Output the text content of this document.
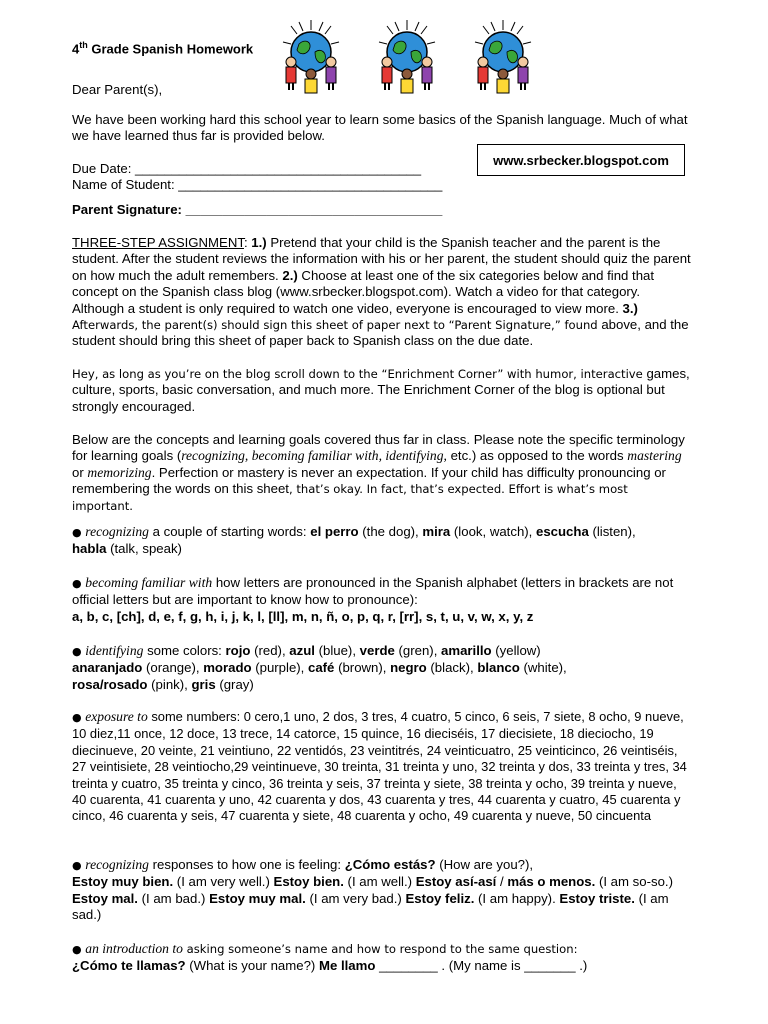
4th Grade Spanish Homework
Dear Parent(s),
We have been working hard this school year to learn some basics of the Spanish language. Much of what we have learned thus far is provided below.
www.srbecker.blogspot.com
Due Date: _______________________________________
Name of Student: ____________________________________
Parent Signature: ___________________________________
THREE-STEP ASSIGNMENT: 1.) Pretend that your child is the Spanish teacher and the parent is the student. After the student reviews the information with his or her parent, the student should quiz the parent on how much the adult remembers. 2.) Choose at least one of the six categories below and find that concept on the Spanish class blog (www.srbecker.blogspot.com). Watch a video for that category. Although a student is only required to watch one video, everyone is encouraged to view more. 3.) Afterwards, the parent(s) should sign this sheet of paper next to “Parent Signature,” found above, and the student should bring this sheet of paper back to Spanish class on the due date.
Hey, as long as you’re on the blog scroll down to the “Enrichment Corner” with humor, interactive games, culture, sports, basic conversation, and much more. The Enrichment Corner of the blog is optional but strongly encouraged.
Below are the concepts and learning goals covered thus far in class. Please note the specific terminology for learning goals (recognizing, becoming familiar with, identifying, etc.) as opposed to the words mastering or memorizing. Perfection or mastery is never an expectation. If your child has difficulty pronouncing or remembering the words on this sheet, that’s okay. In fact, that’s expected. Effort is what’s most important.
● recognizing a couple of starting words: el perro (the dog), mira (look, watch), escucha (listen),
habla (talk, speak)
● becoming familiar with how letters are pronounced in the Spanish alphabet (letters in brackets are not official letters but are important to know how to pronounce):
a, b, c, [ch], d, e, f, g, h, i, j, k, l, [ll], m, n, ñ, o, p, q, r, [rr], s, t, u, v, w, x, y, z
● identifying some colors: rojo (red), azul (blue), verde (gren), amarillo (yellow)
anaranjado (orange), morado (purple), café (brown), negro (black), blanco (white),
rosa/rosado (pink), gris (gray)
● exposure to some numbers: 0 cero,1 uno, 2 dos, 3 tres, 4 cuatro, 5 cinco, 6 seis, 7 siete, 8 ocho, 9 nueve, 10 diez,11 once, 12 doce, 13 trece, 14 catorce, 15 quince, 16 dieciséis, 17 diecisiete, 18 dieciocho, 19 diecinueve, 20 veinte, 21 veintiuno, 22 ventidós, 23 veintitrés, 24 veinticuatro, 25 veinticinco, 26 veintiséis, 27 veintisiete, 28 veintiocho,29 veintinueve, 30 treinta, 31 treinta y uno, 32 treinta y dos, 33 treinta y tres, 34 treinta y cuatro, 35 treinta y cinco, 36 treinta y seis, 37 treinta y siete, 38 treinta y ocho, 39 treinta y nueve, 40 cuarenta, 41 cuarenta y uno, 42 cuarenta y dos, 43 cuarenta y tres, 44 cuarenta y cuatro, 45 cuarenta y cinco, 46 cuarenta y seis, 47 cuarenta y siete, 48 cuarenta y ocho, 49 cuarenta y nueve, 50 cincuenta
● recognizing responses to how one is feeling: ¿Cómo estás? (How are you?),
Estoy muy bien. (I am very well.) Estoy bien. (I am well.) Estoy así-así / más o menos. (I am so-so.) Estoy mal. (I am bad.) Estoy muy mal. (I am very bad.) Estoy feliz. (I am happy). Estoy triste. (I am sad.)
● an introduction to asking someone’s name and how to respond to the same question:
¿Cómo te llamas? (What is your name?) Me llamo ________ . (My name is _______ .)
